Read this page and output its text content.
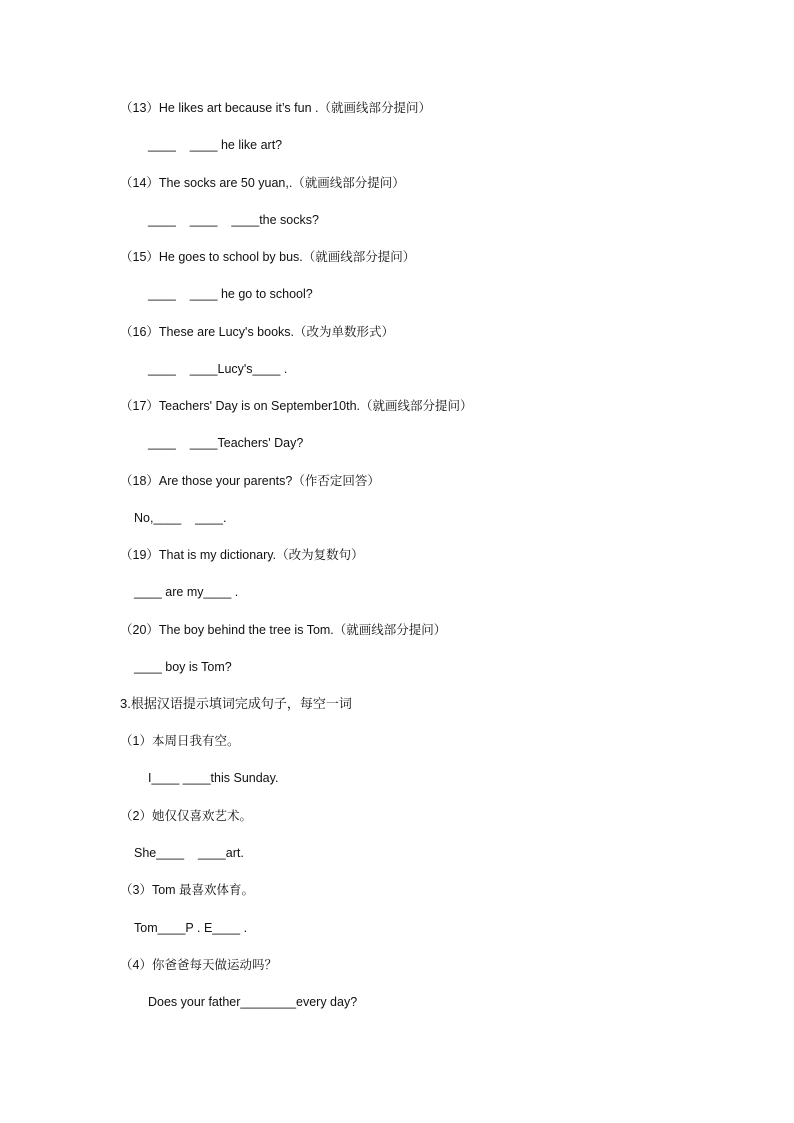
（13）He likes art because it’s fun .（就画线部分提问）
____    ____ he like art?
（14）The socks are 50 yuan,.（就画线部分提问）
____    ____    ____the socks?
（15）He goes to school by bus.（就画线部分提问）
____    ____ he go to school?
（16）These are Lucy's books.（改为单数形式）
____    ____Lucy's____ .
（17）Teachers' Day is on September10th.（就画线部分提问）
____    ____Teachers' Day?
（18）Are those your parents?（作否定回答）
No,____    ____.
（19）That is my dictionary.（改为复数句）
____ are my____ .
（20）The boy behind the tree is Tom.（就画线部分提问）
____ boy is Tom?
3.根据汉语提示填词完成句子，每空一词
（1）本周日我有空。
I____ ____this Sunday.
（2）她仅仅喜欢艺术。
She____    ____art.
（3）Tom 最喜欢体育。
Tom____P . E____ .
（4）你爸爸每天做运动吗？
Does your father________every day?
